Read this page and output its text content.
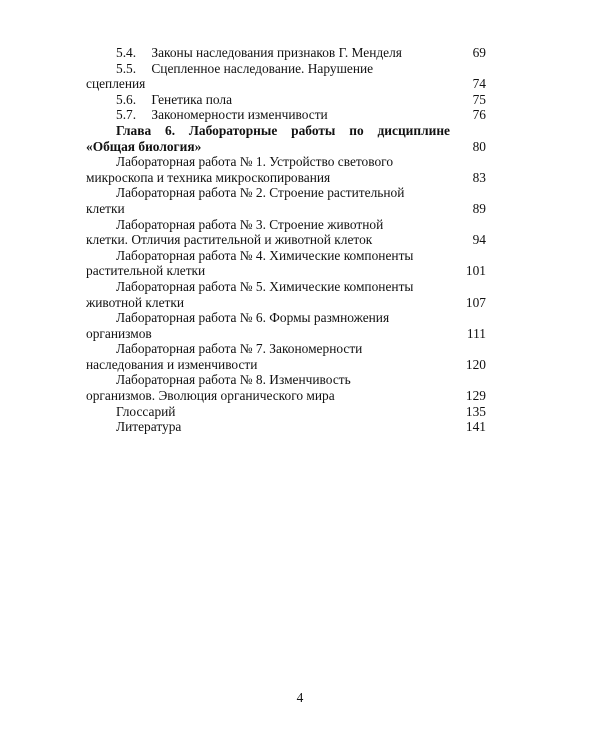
5.4. Законы наследования признаков Г. Менделя	69
5.5. Сцепленное наследование. Нарушение
сцепления	74
5.6. Генетика пола	75
5.7. Закономерности изменчивости	76
Глава 6. Лабораторные работы по дисциплине
«Общая биология»	80
Лабораторная работа № 1. Устройство светового
микроскопа и техника микроскопирования	83
Лабораторная работа № 2. Строение растительной
клетки	89
Лабораторная работа № 3. Строение животной
клетки. Отличия растительной и животной клеток	94
Лабораторная работа № 4. Химические компоненты
растительной клетки	101
Лабораторная работа № 5. Химические компоненты
животной клетки	107
Лабораторная работа № 6. Формы размножения
организмов	111
Лабораторная работа № 7. Закономерности
наследования и изменчивости	120
Лабораторная работа № 8. Изменчивость
организмов. Эволюция органического мира	129
Глоссарий	135
Литература	141
4
